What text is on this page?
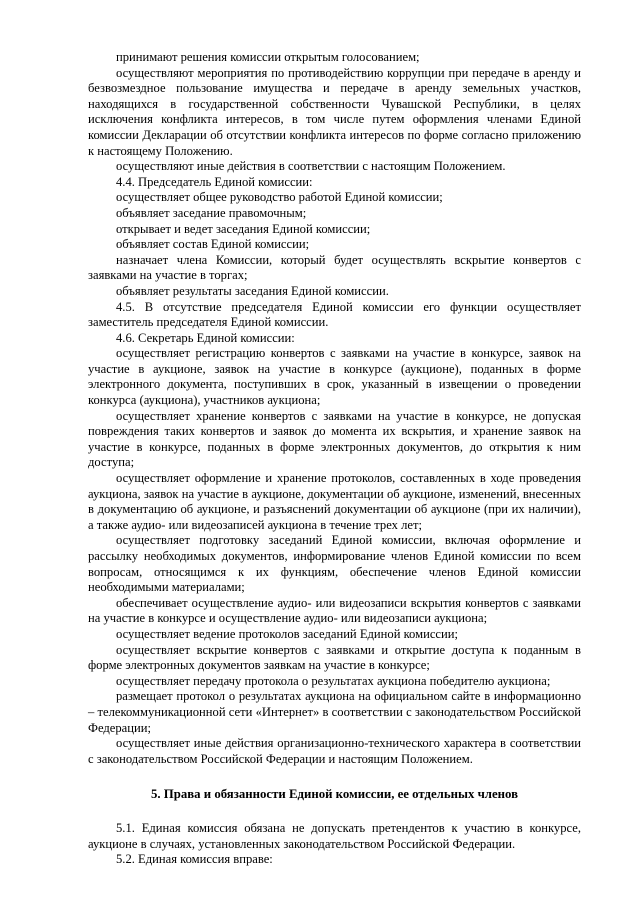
принимают решения комиссии открытым голосованием;

осуществляют мероприятия по противодействию коррупции при передаче в аренду и безвозмездное пользование имущества и передаче в аренду земельных участков, находящихся в государственной собственности Чувашской Республики, в целях исключения конфликта интересов, в том числе путем оформления членами Единой комиссии Декларации об отсутствии конфликта интересов по форме согласно приложению к настоящему Положению.

осуществляют иные действия в соответствии с настоящим Положением.

4.4. Председатель Единой комиссии:

осуществляет общее руководство работой Единой комиссии;

объявляет заседание правомочным;

открывает и ведет заседания Единой комиссии;

объявляет состав Единой комиссии;

назначает члена Комиссии, который будет осуществлять вскрытие конвертов с заявками на участие в торгах;

объявляет результаты заседания Единой комиссии.

4.5. В отсутствие председателя Единой комиссии его функции осуществляет заместитель председателя Единой комиссии.

4.6. Секретарь Единой комиссии:

осуществляет регистрацию конвертов с заявками на участие в конкурсе, заявок на участие в аукционе, заявок на участие в конкурсе (аукционе), поданных в форме электронного документа, поступивших в срок, указанный в извещении о проведении конкурса (аукциона), участников аукциона;

осуществляет хранение конвертов с заявками на участие в конкурсе, не допуская повреждения таких конвертов и заявок до момента их вскрытия, и хранение заявок на участие в конкурсе, поданных в форме электронных документов, до открытия к ним доступа;

осуществляет оформление и хранение протоколов, составленных в ходе проведения аукциона, заявок на участие в аукционе, документации об аукционе, изменений, внесенных в документацию об аукционе, и разъяснений документации об аукционе (при их наличии), а также аудио- или видеозаписей аукциона в течение трех лет;

осуществляет подготовку заседаний Единой комиссии, включая оформление и рассылку необходимых документов, информирование членов Единой комиссии по всем вопросам, относящимся к их функциям, обеспечение членов Единой комиссии необходимыми материалами;

обеспечивает осуществление аудио- или видеозаписи вскрытия конвертов с заявками на участие в конкурсе и осуществление аудио- или видеозаписи аукциона;

осуществляет ведение протоколов заседаний Единой комиссии;

осуществляет вскрытие конвертов с заявками и открытие доступа к поданным в форме электронных документов заявкам на участие в конкурсе;

осуществляет передачу протокола о результатах аукциона победителю аукциона;

размещает протокол о результатах аукциона на официальном сайте в информационно – телекоммуникационной сети «Интернет» в соответствии с законодательством Российской Федерации;

осуществляет иные действия организационно-технического характера в соответствии с законодательством Российской Федерации и настоящим Положением.

5. Права и обязанности Единой комиссии, ее отдельных членов

5.1. Единая комиссия обязана не допускать претендентов к участию в конкурсе, аукционе в случаях, установленных законодательством Российской Федерации.

5.2. Единая комиссия вправе:
